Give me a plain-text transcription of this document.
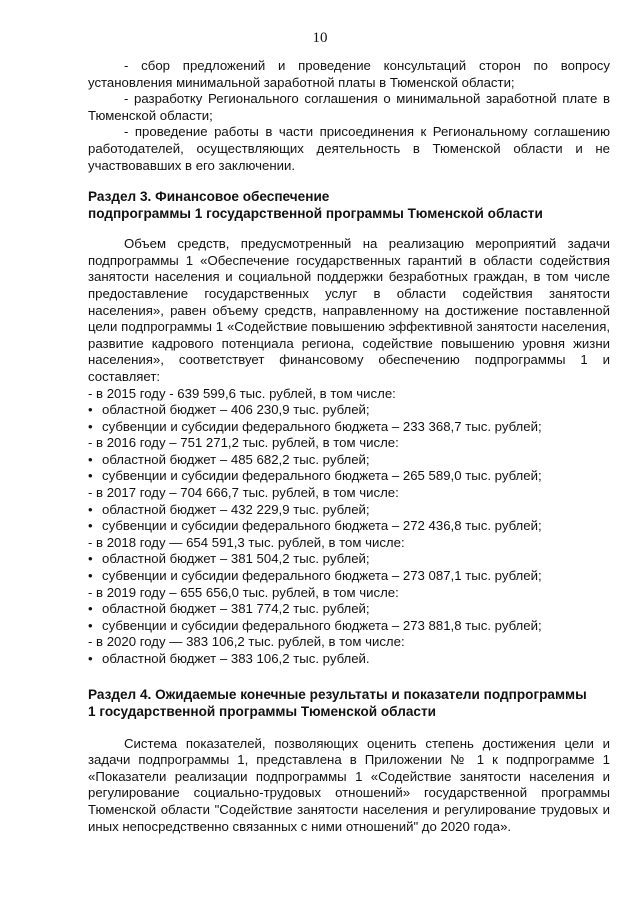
10

- сбор предложений и проведение консультаций сторон по вопросу установления минимальной заработной платы в Тюменской области;

- разработку Регионального соглашения о минимальной заработной плате в Тюменской области;

- проведение работы в части присоединения к Региональному соглашению работодателей, осуществляющих деятельность в Тюменской области и не участвовавших в его заключении.

Раздел 3. Финансовое обеспечение

подпрограммы 1 государственной программы Тюменской области

Объем средств, предусмотренный на реализацию мероприятий задачи подпрограммы 1 «Обеспечение государственных гарантий в области содействия занятости населения и социальной поддержки безработных граждан, в том числе предоставление государственных услуг в области содействия занятости населения», равен объему средств, направленному на достижение поставленной цели подпрограммы 1 «Содействие повышению эффективной занятости населения, развитие кадрового потенциала региона, содействие повышению уровня жизни населения», соответствует финансовому обеспечению подпрограммы 1 и составляет:

- в 2015 году - 639 599,6 тыс. рублей, в том числе:

• областной бюджет – 406 230,9 тыс. рублей;

• субвенции и субсидии федерального бюджета – 233 368,7 тыс. рублей;

- в 2016 году – 751 271,2 тыс. рублей, в том числе:

• областной бюджет – 485 682,2 тыс. рублей;

• субвенции и субсидии федерального бюджета – 265 589,0 тыс. рублей;

- в 2017 году – 704 666,7 тыс. рублей, в том числе:

• областной бюджет – 432 229,9 тыс. рублей;

• субвенции и субсидии федерального бюджета – 272 436,8 тыс. рублей;

- в 2018 году — 654 591,3 тыс. рублей, в том числе:

• областной бюджет – 381 504,2 тыс. рублей;

• субвенции и субсидии федерального бюджета – 273 087,1 тыс. рублей;

- в 2019 году – 655 656,0 тыс. рублей, в том числе:

• областной бюджет – 381 774,2 тыс. рублей;

• субвенции и субсидии федерального бюджета – 273 881,8 тыс. рублей;

- в 2020 году — 383 106,2 тыс. рублей, в том числе:

• областной бюджет – 383 106,2 тыс. рублей.

Раздел 4. Ожидаемые конечные результаты и показатели подпрограммы

1 государственной программы Тюменской области

Система показателей, позволяющих оценить степень достижения цели и задачи подпрограммы 1, представлена в Приложении № 1 к подпрограмме 1 «Показатели реализации подпрограммы 1 «Содействие занятости населения и регулирование социально-трудовых отношений» государственной программы Тюменской области "Содействие занятости населения и регулирование трудовых и иных непосредственно связанных с ними отношений" до 2020 года».
